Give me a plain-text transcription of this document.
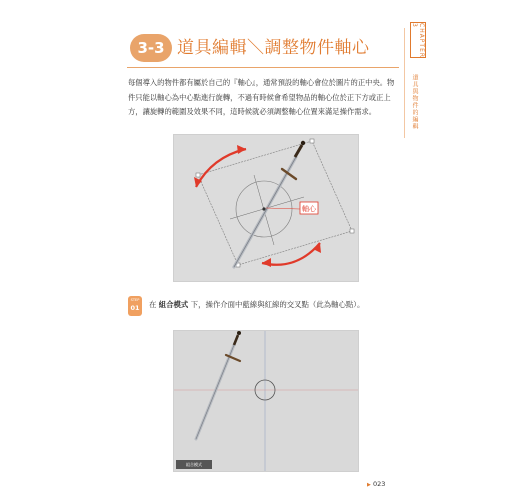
3-3 道具編輯＼調整物件軸心	CHAPTER 3
道具與物件的編輯
每個導入的物件都有屬於自己的『軸心』，通常預設的軸心會位於圖片的正中央。物件只能以軸心為中心點進行旋轉，不過有時候會希望物品的軸心位於正下方或正上方，讓旋轉的範圍及效果不同，這時候就必須調整軸心位置來滿足操作需求。
軸心
STEP
01	在 組合模式 下，操作介面中藍線與紅線的交叉點（此為軸心點）。
組合模式
▶ 023
